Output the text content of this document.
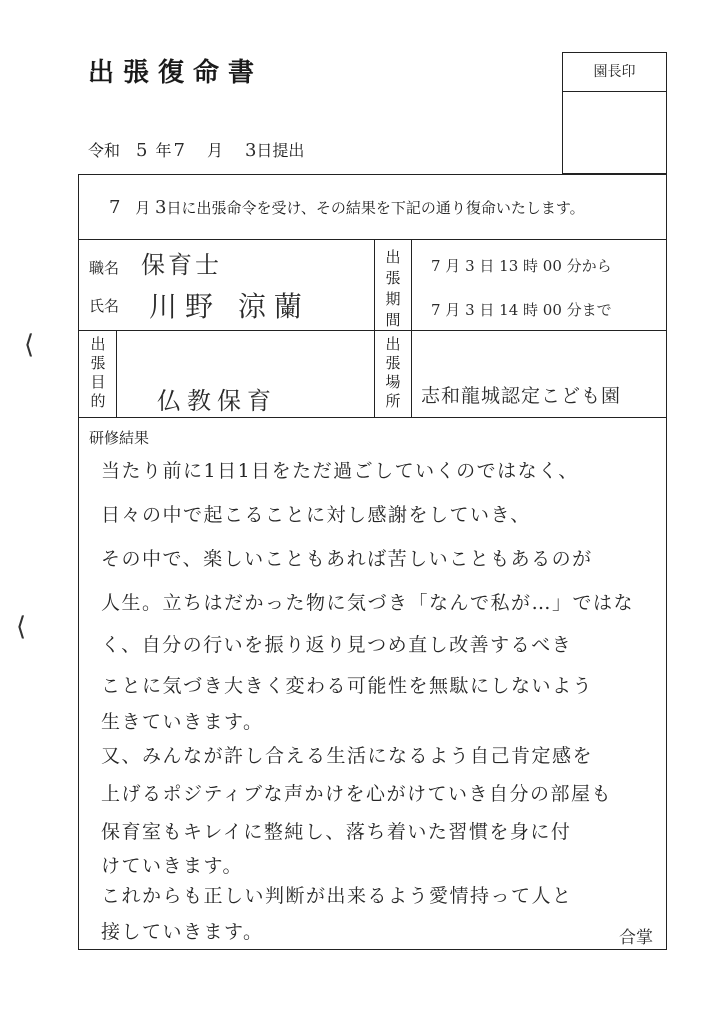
出張復命書	園長印
令和 5 年 7 月 3 日提出
7 月 3日に出張命令を受け、その結果を下記の通り復命いたします。
職名 保育士
氏名 川野 涼蘭
出張期間
7 月 3 日 13 時 00 分から
7 月 3 日 14 時 00 分まで
出張目的 仏教保育
出張場所 志和龍城認定こども園
研修結果
当たり前に1日1日をただ過ごしていくのではなく、
日々の中で起こることに対し感謝をしていき、
その中で、楽しいこともあれば苦しいこともあるのが
人生。立ちはだかった物に気づき「なんで私が…」ではな
く、自分の行いを振り返り見つめ直し改善するべき
ことに気づき大きく変わる可能性を無駄にしないよう
生きていきます。
又、みんなが許し合える生活になるよう自己肯定感を
上げるポジティブな声かけを心がけていき自分の部屋も
保育室もキレイに整純し、落ち着いた習慣を身に付
けていきます。
これからも正しい判断が出来るよう愛情持って人と
接していきます。	合掌
⟨
⟨
